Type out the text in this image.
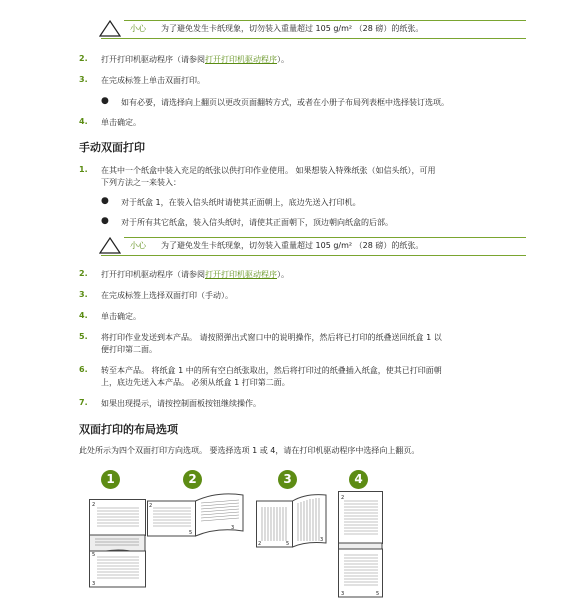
小心 为了避免发生卡纸现象，切勿装入重量超过 105 g/m² （28 磅）的纸张。
2. 打开打印机驱动程序（请参阅打开打印机驱动程序）。
3. 在完成标签上单击双面打印。
● 如有必要，请选择向上翻页以更改页面翻转方式，或者在小册子布局列表框中选择装订选项。
4. 单击确定。
手动双面打印
1. 在其中一个纸盒中装入充足的纸张以供打印作业使用。 如果想装入特殊纸张（如信头纸），可用
下列方法之一来装入：
● 对于纸盒 1，在装入信头纸时请使其正面朝上，底边先送入打印机。
● 对于所有其它纸盒，装入信头纸时，请使其正面朝下，顶边朝向纸盒的后部。
小心 为了避免发生卡纸现象，切勿装入重量超过 105 g/m² （28 磅）的纸张。
2. 打开打印机驱动程序（请参阅打开打印机驱动程序）。
3. 在完成标签上选择双面打印（手动）。
4. 单击确定。
5. 将打印作业发送到本产品。 请按照弹出式窗口中的说明操作，然后将已打印的纸叠送回纸盒 1 以
便打印第二面。
6. 转至本产品。 将纸盒 1 中的所有空白纸张取出，然后将打印过的纸叠插入纸盒，使其已打印面朝
上，底边先送入本产品。 必须从纸盒 1 打印第二面。
7. 如果出现提示，请按控制面板按钮继续操作。
双面打印的布局选项
此处所示为四个双面打印方向选项。 要选择选项 1 或 4，请在打印机驱动程序中选择向上翻页。
1	2	3	4
2
3
5
2
3
5
2
3
5
2
3	5
